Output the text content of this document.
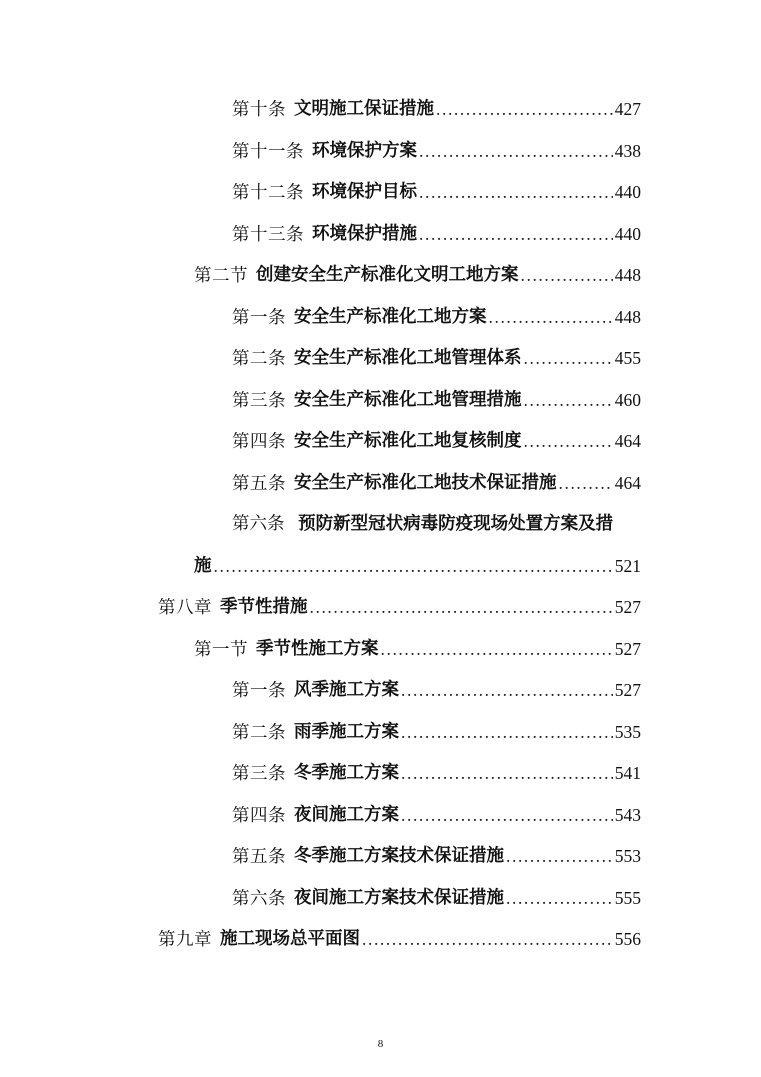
第十条 文明施工保证措施 .....	427
第十一条 环境保护方案 .....	438
第十二条 环境保护目标 .....	440
第十三条 环境保护措施 .....	440
第二节 创建安全生产标准化文明工地方案 .....	448
第一条 安全生产标准化工地方案 .....	448
第二条 安全生产标准化工地管理体系 .....	455
第三条 安全生产标准化工地管理措施 .....	460
第四条 安全生产标准化工地复核制度 .....	464
第五条 安全生产标准化工地技术保证措施 .....	464
第六条 预防新型冠状病毒防疫现场处置方案及措
施 .....	521
第八章 季节性措施 .....	527
第一节 季节性施工方案 .....	527
第一条 风季施工方案 .....	527
第二条 雨季施工方案 .....	535
第三条 冬季施工方案 .....	541
第四条 夜间施工方案 .....	543
第五条 冬季施工方案技术保证措施 .....	553
第六条 夜间施工方案技术保证措施 .....	555
第九章 施工现场总平面图 .....	556
8
